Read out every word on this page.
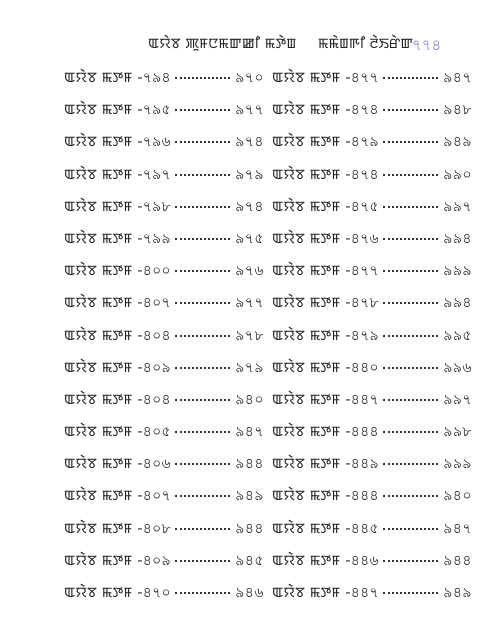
ꯑꯌꯥꯕ ꯄꯨꯝꯅꯃꯛꯀꯤ ꯃꯇꯥꯡ ꯃꯃꯥꯡꯒꯤ ꯂꯥꯏꯔꯥꯛ ৭৭৪
ꯑꯌꯥꯕ ꯃꯇꯝ -৭৯৪	৯৭০
ꯑꯌꯥꯕ ꯃꯇꯝ -৭৯৫	৯৭৭
ꯑꯌꯥꯕ ꯃꯇꯝ -৭৯৬	৯৭৪
ꯑꯌꯥꯕ ꯃꯇꯝ -৭৯৭	৯৭৯
ꯑꯌꯥꯕ ꯃꯇꯝ -৭৯৮	৯৭৪
ꯑꯌꯥꯕ ꯃꯇꯝ -৭৯৯	৯৭৫
ꯑꯌꯥꯕ ꯃꯇꯝ -৪০০	৯৭৬
ꯑꯌꯥꯕ ꯃꯇꯝ -৪০৭	৯৭৭
ꯑꯌꯥꯕ ꯃꯇꯝ -৪০৪	৯৭৮
ꯑꯌꯥꯕ ꯃꯇꯝ -৪০৯	৯৭৯
ꯑꯌꯥꯕ ꯃꯇꯝ -৪০৪	৯৪০
ꯑꯌꯥꯕ ꯃꯇꯝ -৪০৫	৯৪৭
ꯑꯌꯥꯕ ꯃꯇꯝ -৪০৬	৯৪৪
ꯑꯌꯥꯕ ꯃꯇꯝ -৪০৭	৯৪৯
ꯑꯌꯥꯕ ꯃꯇꯝ -৪০৮	৯৪৪
ꯑꯌꯥꯕ ꯃꯇꯝ -৪০৯	৯৪৫
ꯑꯌꯥꯕ ꯃꯇꯝ -৪৭০	৯৪৬
ꯑꯌꯥꯕ ꯃꯇꯝ -৪৭৭	৯৪৭
ꯑꯌꯥꯕ ꯃꯇꯝ -৪৭৪	৯৪৮
ꯑꯌꯥꯕ ꯃꯇꯝ -৪৭৯	৯৪৯
ꯑꯌꯥꯕ ꯃꯇꯝ -৪৭৪	৯৯০
ꯑꯌꯥꯕ ꯃꯇꯝ -৪৭৫	৯৯৭
ꯑꯌꯥꯕ ꯃꯇꯝ -৪৭৬	৯৯৪
ꯑꯌꯥꯕ ꯃꯇꯝ -৪৭৭	৯৯৯
ꯑꯌꯥꯕ ꯃꯇꯝ -৪৭৮	৯৯৪
ꯑꯌꯥꯕ ꯃꯇꯝ -৪৭৯	৯৯৫
ꯑꯌꯥꯕ ꯃꯇꯝ -৪৪০	৯৯৬
ꯑꯌꯥꯕ ꯃꯇꯝ -৪৪৭	৯৯৭
ꯑꯌꯥꯕ ꯃꯇꯝ -৪৪৪	৯৯৮
ꯑꯌꯥꯕ ꯃꯇꯝ -৪৪৯	৯৯৯
ꯑꯌꯥꯕ ꯃꯇꯝ -৪৪৪	৯৪০
ꯑꯌꯥꯕ ꯃꯇꯝ -৪৪৫	৯৪৭
ꯑꯌꯥꯕ ꯃꯇꯝ -৪৪৬	৯৪৪
ꯑꯌꯥꯕ ꯃꯇꯝ -৪৪৭	৯৪৯
